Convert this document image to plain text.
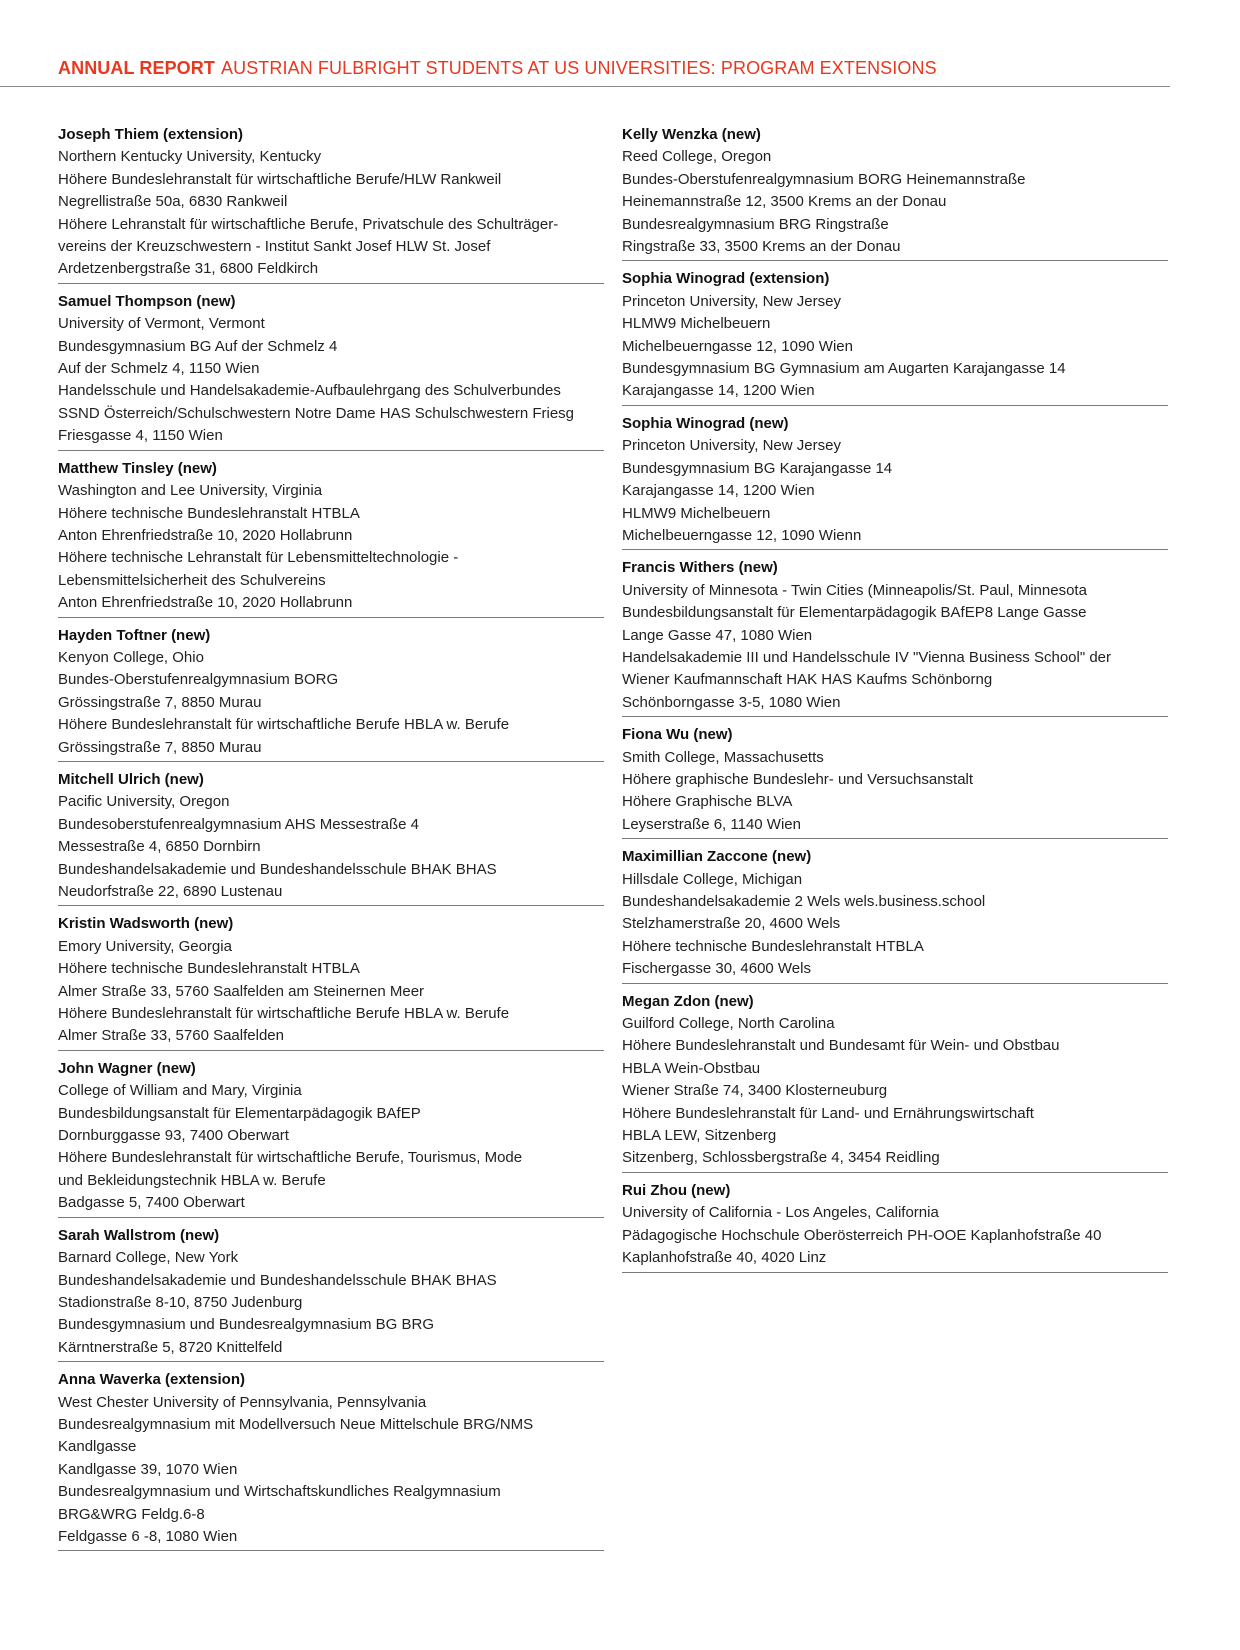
ANNUAL REPORT AUSTRIAN FULBRIGHT STUDENTS AT US UNIVERSITIES: PROGRAM EXTENSIONS
Joseph Thiem (extension)
Northern Kentucky University, Kentucky
Höhere Bundeslehranstalt für wirtschaftliche Berufe/HLW Rankweil
Negrellistraße 50a, 6830 Rankweil
Höhere Lehranstalt für wirtschaftliche Berufe, Privatschule des Schulträger-
vereins der Kreuzschwestern - Institut Sankt Josef HLW St. Josef
Ardetzenbergstraße 31, 6800 Feldkirch
Samuel Thompson (new)
University of Vermont, Vermont
Bundesgymnasium BG Auf der Schmelz 4
Auf der Schmelz 4, 1150 Wien
Handelsschule und Handelsakademie-Aufbaulehrgang des Schulverbundes
SSND Österreich/Schulschwestern Notre Dame HAS Schulschwestern Friesg
Friesgasse 4, 1150 Wien
Matthew Tinsley (new)
Washington and Lee University, Virginia
Höhere technische Bundeslehranstalt HTBLA
Anton Ehrenfriedstraße 10, 2020 Hollabrunn
Höhere technische Lehranstalt für Lebensmitteltechnologie -
Lebensmittelsicherheit des Schulvereins
Anton Ehrenfriedstraße 10, 2020 Hollabrunn
Hayden Toftner (new)
Kenyon College, Ohio
Bundes-Oberstufenrealgymnasium BORG
Grössingstraße 7, 8850 Murau
Höhere Bundeslehranstalt für wirtschaftliche Berufe HBLA w. Berufe
Grössingstraße 7, 8850 Murau
Mitchell Ulrich (new)
Pacific University, Oregon
Bundesoberstufenrealgymnasium AHS Messestraße 4
Messestraße 4, 6850 Dornbirn
Bundeshandelsakademie und Bundeshandelsschule BHAK BHAS
Neudorfstraße 22, 6890 Lustenau
Kristin Wadsworth (new)
Emory University, Georgia
Höhere technische Bundeslehranstalt HTBLA
Almer Straße 33, 5760 Saalfelden am Steinernen Meer
Höhere Bundeslehranstalt für wirtschaftliche Berufe HBLA w. Berufe
Almer Straße 33, 5760 Saalfelden
John Wagner (new)
College of William and Mary, Virginia
Bundesbildungsanstalt für Elementarpädagogik BAfEP
Dornburggasse 93, 7400 Oberwart
Höhere Bundeslehranstalt für wirtschaftliche Berufe, Tourismus, Mode
und Bekleidungstechnik HBLA w. Berufe
Badgasse 5, 7400 Oberwart
Sarah Wallstrom (new)
Barnard College, New York
Bundeshandelsakademie und Bundeshandelsschule BHAK BHAS
Stadionstraße 8-10, 8750 Judenburg
Bundesgymnasium und Bundesrealgymnasium BG BRG
Kärntnerstraße 5, 8720 Knittelfeld
Anna Waverka (extension)
West Chester University of Pennsylvania, Pennsylvania
Bundesrealgymnasium mit Modellversuch Neue Mittelschule BRG/NMS
Kandlgasse
Kandlgasse 39, 1070 Wien
Bundesrealgymnasium und Wirtschaftskundliches Realgymnasium
BRG&WRG Feldg.6-8
Feldgasse 6 -8, 1080 Wien
Kelly Wenzka (new)
Reed College, Oregon
Bundes-Oberstufenrealgymnasium BORG Heinemannstraße
Heinemannstraße 12, 3500 Krems an der Donau
Bundesrealgymnasium BRG Ringstraße
Ringstraße 33, 3500 Krems an der Donau
Sophia Winograd (extension)
Princeton University, New Jersey
HLMW9 Michelbeuern
Michelbeuerngasse 12, 1090 Wien
Bundesgymnasium BG Gymnasium am Augarten Karajangasse 14
Karajangasse 14, 1200 Wien
Sophia Winograd (new)
Princeton University, New Jersey
Bundesgymnasium BG Karajangasse 14
Karajangasse 14, 1200 Wien
HLMW9 Michelbeuern
Michelbeuerngasse 12, 1090 Wienn
Francis Withers (new)
University of Minnesota - Twin Cities (Minneapolis/St. Paul, Minnesota
Bundesbildungsanstalt für Elementarpädagogik BAfEP8 Lange Gasse
Lange Gasse 47, 1080 Wien
Handelsakademie III und Handelsschule IV "Vienna Business School" der
Wiener Kaufmannschaft HAK HAS Kaufms Schönborng
Schönborngasse 3-5, 1080 Wien
Fiona Wu (new)
Smith College, Massachusetts
Höhere graphische Bundeslehr- und Versuchsanstalt
Höhere Graphische BLVA
Leyserstraße 6, 1140 Wien
Maximillian Zaccone (new)
Hillsdale College, Michigan
Bundeshandelsakademie 2 Wels wels.business.school
Stelzhamerstraße 20, 4600 Wels
Höhere technische Bundeslehranstalt HTBLA
Fischergasse 30, 4600 Wels
Megan Zdon (new)
Guilford College, North Carolina
Höhere Bundeslehranstalt und Bundesamt für Wein- und Obstbau
HBLA Wein-Obstbau
Wiener Straße 74, 3400 Klosterneuburg
Höhere Bundeslehranstalt für Land- und Ernährungswirtschaft
HBLA LEW, Sitzenberg
Sitzenberg, Schlossbergstraße 4, 3454 Reidling
Rui Zhou (new)
University of California - Los Angeles, California
Pädagogische Hochschule Oberösterreich PH-OOE Kaplanhofstraße 40
Kaplanhofstraße 40, 4020 Linz
